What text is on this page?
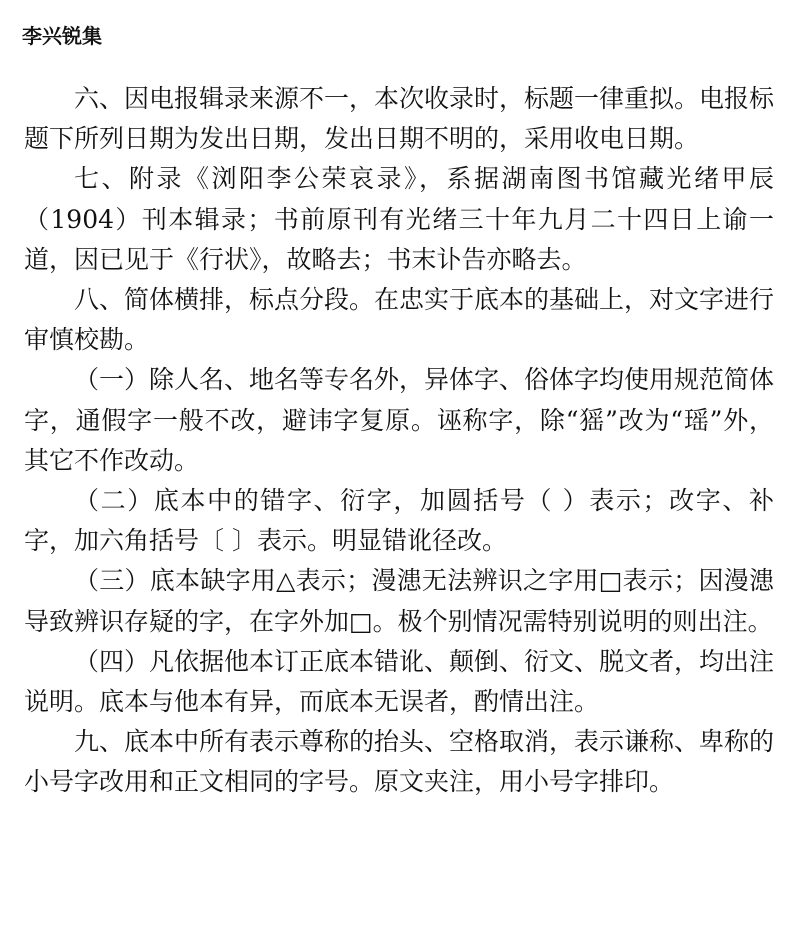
李兴锐集

六、因电报辑录来源不一，本次收录时，标题一律重拟。电报标题下所列日期为发出日期，发出日期不明的，采用收电日期。

七、附录《浏阳李公荣哀录》，系据湖南图书馆藏光绪甲辰（1904）刊本辑录；书前原刊有光绪三十年九月二十四日上谕一道，因已见于《行状》，故略去；书末讣告亦略去。

八、简体横排，标点分段。在忠实于底本的基础上，对文字进行审慎校勘。

（一）除人名、地名等专名外，异体字、俗体字均使用规范简体字，通假字一般不改，避讳字复原。诬称字，除“猺”改为“瑶”外，其它不作改动。

（二）底本中的错字、衍字，加圆括号（ ）表示；改字、补字，加六角括号〔 〕表示。明显错讹径改。

（三）底本缺字用△表示；漫漶无法辨识之字用□表示；因漫漶导致辨识存疑的字，在字外加□。极个别情况需特别说明的则出注。

（四）凡依据他本订正底本错讹、颠倒、衍文、脱文者，均出注说明。底本与他本有异，而底本无误者，酌情出注。

九、底本中所有表示尊称的抬头、空格取消，表示谦称、卑称的小号字改用和正文相同的字号。原文夹注，用小号字排印。
